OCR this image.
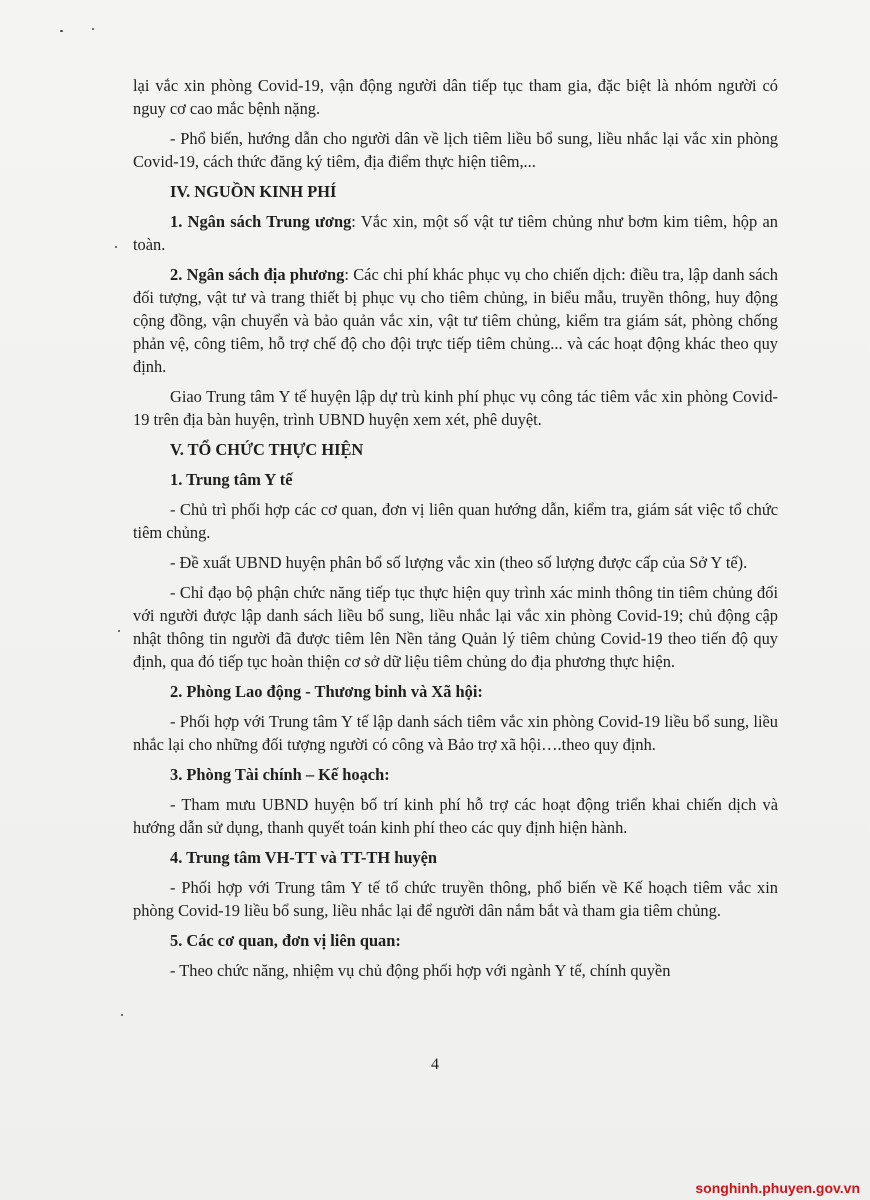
lại vắc xin phòng Covid-19, vận động người dân tiếp tục tham gia, đặc biệt là nhóm người có nguy cơ cao mắc bệnh nặng.

- Phổ biến, hướng dẫn cho người dân về lịch tiêm liều bổ sung, liều nhắc lại vắc xin phòng Covid-19, cách thức đăng ký tiêm, địa điểm thực hiện tiêm,...

IV. NGUỒN KINH PHÍ

1. Ngân sách Trung ương: Vắc xin, một số vật tư tiêm chủng như bơm kim tiêm, hộp an toàn.

2. Ngân sách địa phương: Các chi phí khác phục vụ cho chiến dịch: điều tra, lập danh sách đối tượng, vật tư và trang thiết bị phục vụ cho tiêm chủng, in biểu mẫu, truyền thông, huy động cộng đồng, vận chuyển và bảo quản vắc xin, vật tư tiêm chủng, kiểm tra giám sát, phòng chống phản vệ, công tiêm, hỗ trợ chế độ cho đội trực tiếp tiêm chủng... và các hoạt động khác theo quy định.

Giao Trung tâm Y tế huyện lập dự trù kinh phí phục vụ công tác tiêm vắc xin phòng Covid-19 trên địa bàn huyện, trình UBND huyện xem xét, phê duyệt.

V. TỔ CHỨC THỰC HIỆN

1. Trung tâm Y tế

- Chủ trì phối hợp các cơ quan, đơn vị liên quan hướng dẫn, kiểm tra, giám sát việc tổ chức tiêm chủng.

- Đề xuất UBND huyện phân bổ số lượng vắc xin (theo số lượng được cấp của Sở Y tế).

- Chỉ đạo bộ phận chức năng tiếp tục thực hiện quy trình xác minh thông tin tiêm chủng đối với người được lập danh sách liều bổ sung, liều nhắc lại vắc xin phòng Covid-19; chủ động cập nhật thông tin người đã được tiêm lên Nền tảng Quản lý tiêm chủng Covid-19 theo tiến độ quy định, qua đó tiếp tục hoàn thiện cơ sở dữ liệu tiêm chủng do địa phương thực hiện.

2. Phòng Lao động - Thương binh và Xã hội:

- Phối hợp với Trung tâm Y tế lập danh sách tiêm vắc xin phòng Covid-19 liều bổ sung, liều nhắc lại cho những đối tượng người có công và Bảo trợ xã hội….theo quy định.

3. Phòng Tài chính – Kế hoạch:

- Tham mưu UBND huyện bố trí kinh phí hỗ trợ các hoạt động triển khai chiến dịch và hướng dẫn sử dụng, thanh quyết toán kinh phí theo các quy định hiện hành.

4. Trung tâm VH-TT và TT-TH huyện

- Phối hợp với Trung tâm Y tế tổ chức truyền thông, phổ biến về Kế hoạch tiêm vắc xin phòng Covid-19 liều bổ sung, liều nhắc lại để người dân nắm bắt và tham gia tiêm chủng.

5. Các cơ quan, đơn vị liên quan:

- Theo chức năng, nhiệm vụ chủ động phối hợp với ngành Y tế, chính quyền

4
songhinh.phuyen.gov.vn
